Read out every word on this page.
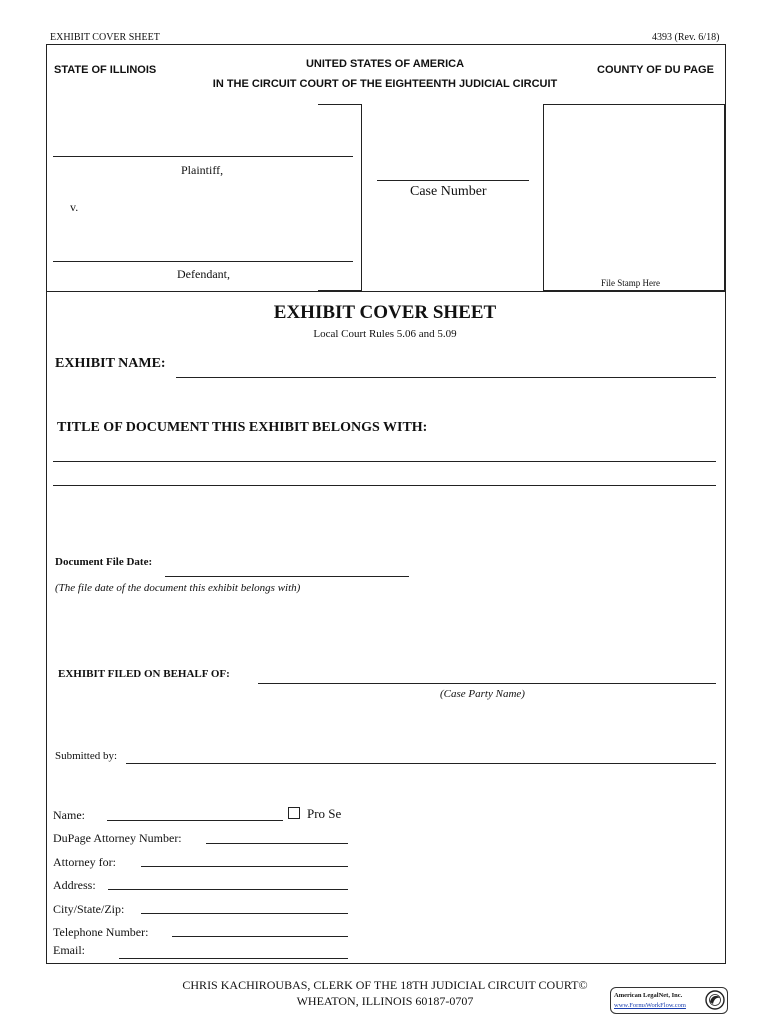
EXHIBIT COVER SHEET	4393 (Rev. 6/18)
STATE OF ILLINOIS	UNITED STATES OF AMERICA
IN THE CIRCUIT COURT OF THE EIGHTEENTH JUDICIAL CIRCUIT
COUNTY OF DU PAGE
Plaintiff,
v.
Defendant,
Case Number
File Stamp Here
EXHIBIT COVER SHEET
Local Court Rules 5.06 and 5.09
EXHIBIT NAME:
TITLE OF DOCUMENT THIS EXHIBIT BELONGS WITH:
Document File Date:
(The file date of the document this exhibit belongs with)
EXHIBIT FILED ON BEHALF OF:
(Case Party Name)
Submitted by:
Name:	Pro Se
DuPage Attorney Number:
Attorney for:
Address:
City/State/Zip:
Telephone Number:
Email:
CHRIS KACHIROUBAS, CLERK OF THE 18TH JUDICIAL CIRCUIT COURT©
WHEATON, ILLINOIS 60187-0707	American LegalNet, Inc.
www.FormsWorkFlow.com
